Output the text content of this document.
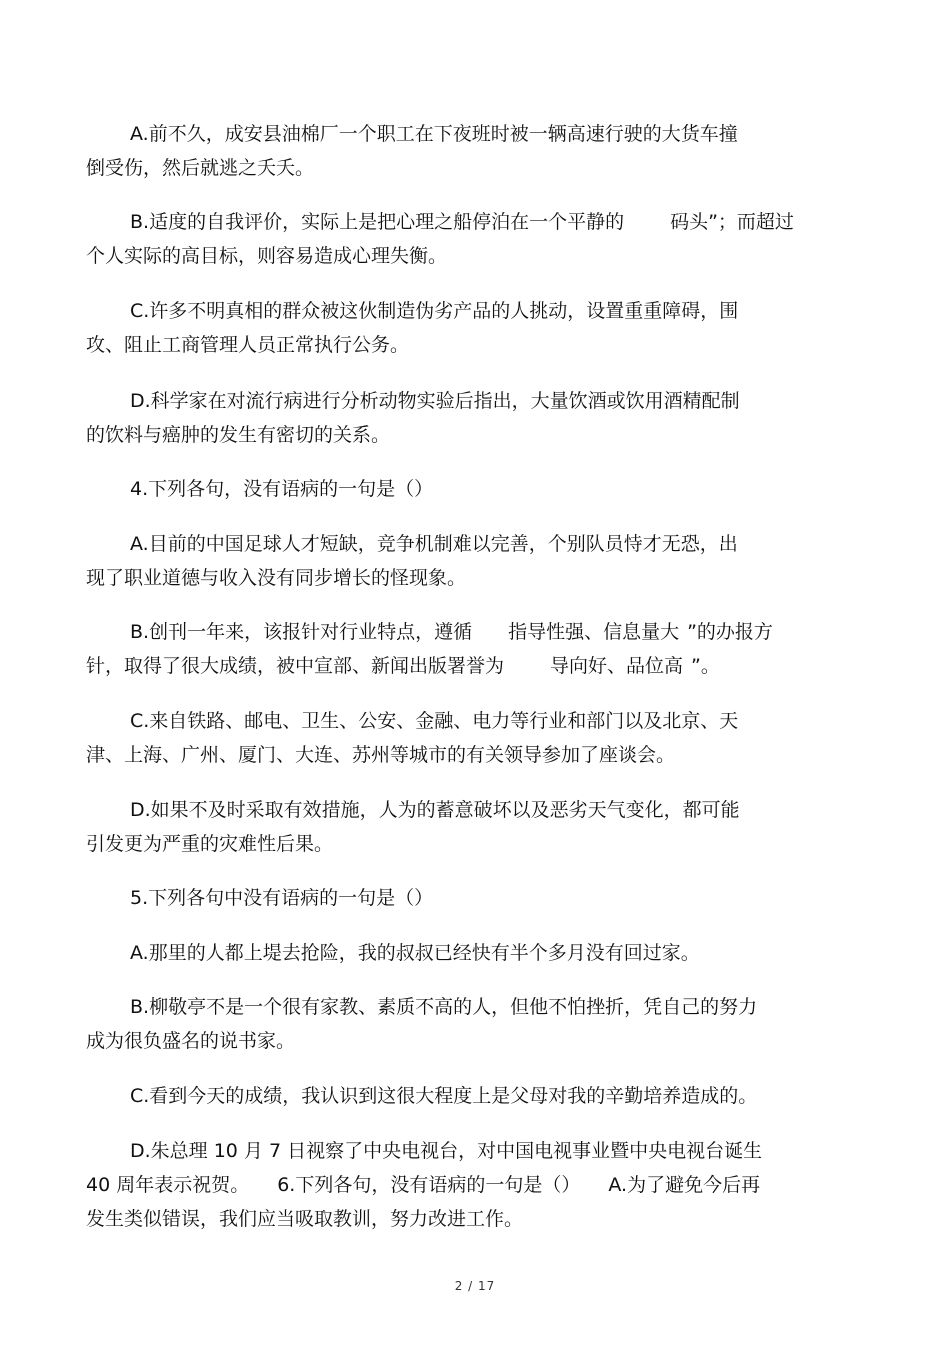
A.前不久，成安县油棉厂一个职工在下夜班时被一辆高速行驶的大货车撞
倒受伤，然后就逃之夭夭。

B.适度的自我评价，实际上是把心理之船停泊在一个平静的 码头”；而超过
个人实际的高目标，则容易造成心理失衡。

C.许多不明真相的群众被这伙制造伪劣产品的人挑动，设置重重障碍，围
攻、阻止工商管理人员正常执行公务。

D.科学家在对流行病进行分析动物实验后指出，大量饮酒或饮用酒精配制
的饮料与癌肿的发生有密切的关系。

4.下列各句，没有语病的一句是（）

A.目前的中国足球人才短缺，竞争机制难以完善，个别队员恃才无恐，出
现了职业道德与收入没有同步增长的怪现象。

B.创刊一年来，该报针对行业特点，遵循 指导性强、信息量大 ”的办报方
针，取得了很大成绩，被中宣部、新闻出版署誉为 导向好、品位高 ”。

C.来自铁路、邮电、卫生、公安、金融、电力等行业和部门以及北京、天
津、上海、广州、厦门、大连、苏州等城市的有关领导参加了座谈会。

D.如果不及时采取有效措施，人为的蓄意破坏以及恶劣天气变化，都可能
引发更为严重的灾难性后果。

5.下列各句中没有语病的一句是（）

A.那里的人都上堤去抢险，我的叔叔已经快有半个多月没有回过家。

B.柳敬亭不是一个很有家教、素质不高的人，但他不怕挫折，凭自己的努力
成为很负盛名的说书家。

C.看到今天的成绩，我认识到这很大程度上是父母对我的辛勤培养造成的。

D.朱总理 10 月 7 日视察了中央电视台，对中国电视事业暨中央电视台诞生
40 周年表示祝贺。 6.下列各句，没有语病的一句是（） A.为了避免今后再
发生类似错误，我们应当吸取教训，努力改进工作。

2 / 17
